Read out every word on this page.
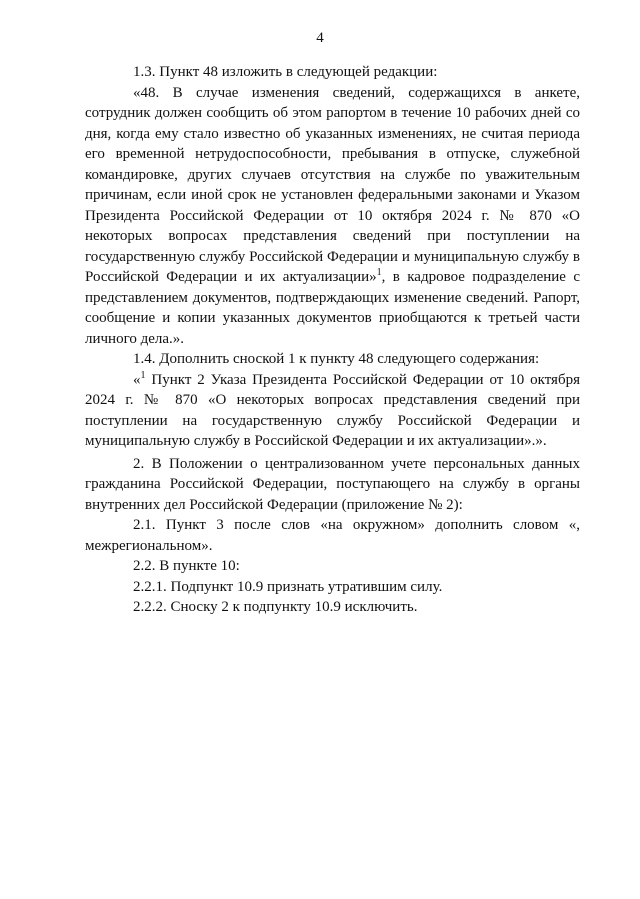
4

1.3. Пункт 48 изложить в следующей редакции:

«48. В случае изменения сведений, содержащихся в анкете, сотрудник должен сообщить об этом рапортом в течение 10 рабочих дней со дня, когда ему стало известно об указанных изменениях, не считая периода его временной нетрудоспособности, пребывания в отпуске, служебной командировке, других случаев отсутствия на службе по уважительным причинам, если иной срок не установлен федеральными законами и Указом Президента Российской Федерации от 10 октября 2024 г. № 870 «О некоторых вопросах представления сведений при поступлении на государственную службу Российской Федерации и муниципальную службу в Российской Федерации и их актуализации»$^1$, в кадровое подразделение с представлением документов, подтверждающих изменение сведений. Рапорт, сообщение и копии указанных документов приобщаются к третьей части личного дела.».

1.4. Дополнить сноской 1 к пункту 48 следующего содержания:

«$^1$ Пункт 2 Указа Президента Российской Федерации от 10 октября 2024 г. № 870 «О некоторых вопросах представления сведений при поступлении на государственную службу Российской Федерации и муниципальную службу в Российской Федерации и их актуализации».».

2. В Положении о централизованном учете персональных данных гражданина Российской Федерации, поступающего на службу в органы внутренних дел Российской Федерации (приложение № 2):

2.1. Пункт 3 после слов «на окружном» дополнить словом «, межрегиональном».

2.2. В пункте 10:

2.2.1. Подпункт 10.9 признать утратившим силу.

2.2.2. Сноску 2 к подпункту 10.9 исключить.
